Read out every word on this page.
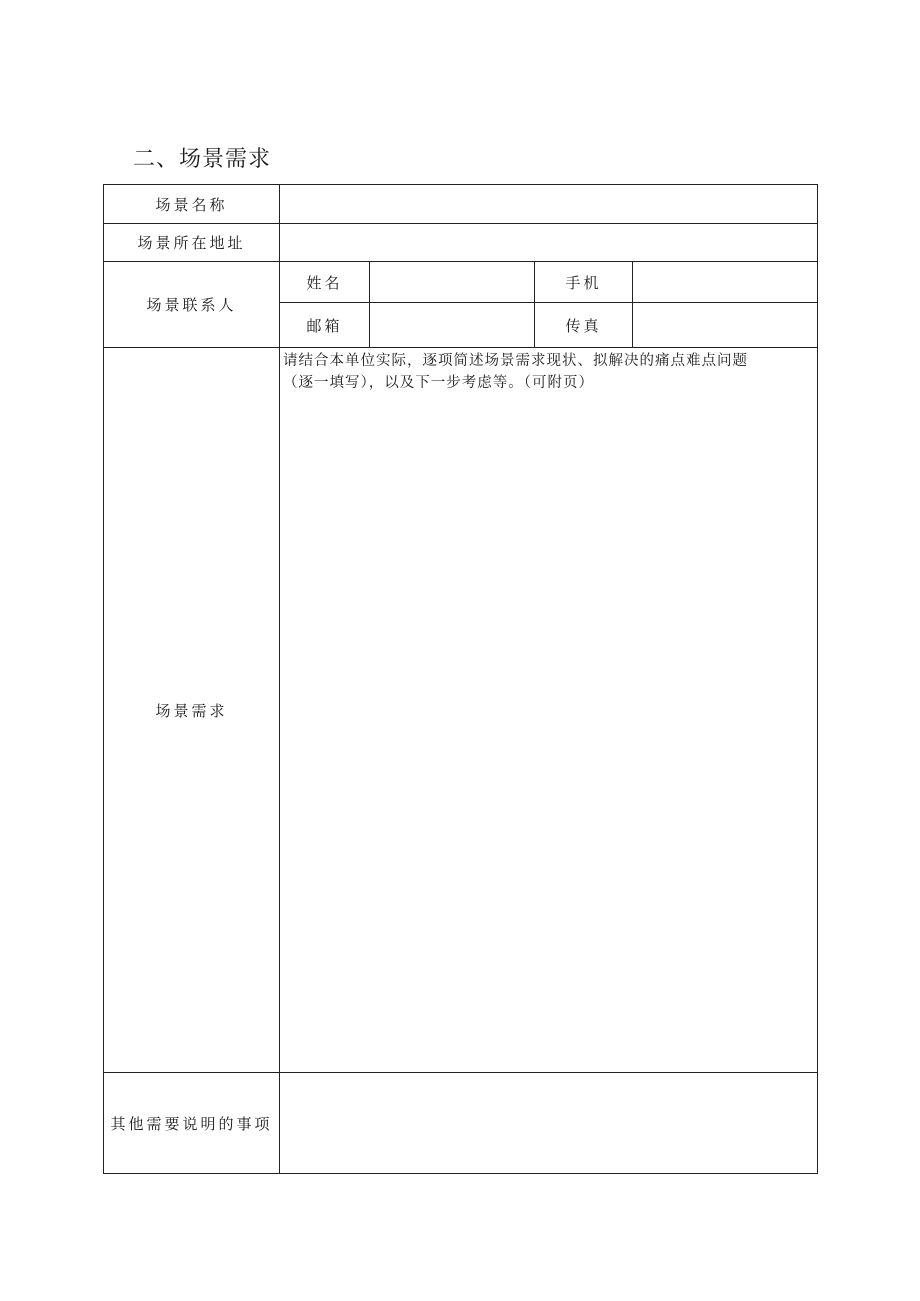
二、场景需求
场景名称				
场景所在地址				
场景联系人	姓名		手机	
	邮箱		传真	
场景需求	请结合本单位实际，逐项简述场景需求现状、拟解决的痛点难点问题
（逐一填写），以及下一步考虑等。（可附页）			

其他需要说明的事项				
